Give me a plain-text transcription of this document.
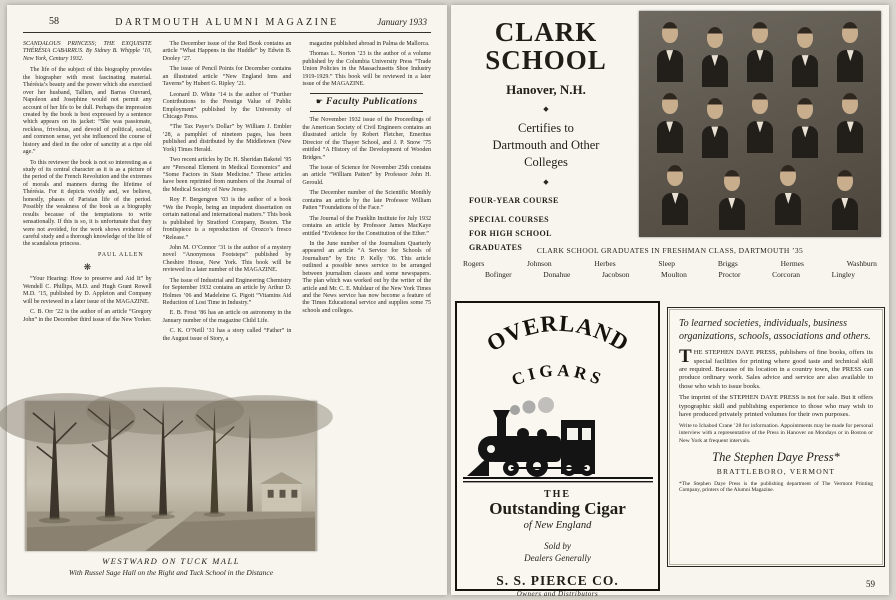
58	DARTMOUTH ALUMNI MAGAZINE	January 1933

SCANDALOUS PRINCESS; THE EXQUISITE THÉRÉSIA CABARRUS. By Sidney B. Whipple ’10, New York, Century 1932.

The life of the subject of this biography provides the biographer with most fascinating material. Thérésia’s beauty and the power which she exercised over her husband, Tallien, and Barras Ouvrard, Napoleon and Josephine would not permit any account of her life to be dull. Perhaps the impression created by the book is best expressed by a sentence which appears on its jacket: “She was passionate, reckless, frivolous, and devoid of political, social, and common sense, yet she influenced the course of history and died in the odor of sanctity at a ripe old age.”

To this reviewer the book is not so interesting as a study of its central character as it is as a picture of the period of the French Revolution and the extremes of morals and manners during the lifetime of Thérésia. For it depicts vividly and, we believe, honestly, phases of Parisian life of the period. Possibly the weakness of the book as a biography results because of the temptations to write sensationally. If this is so, it is unfortunate that they were not avoided, for the work shows evidence of careful study and a thorough knowledge of the life of the scandalous princess.

PAUL ALLEN

❋

“Your Hearing: How to preserve and Aid It” by Wendell C. Phillips, M.D. and Hugh Grant Rowell M.D. ’15, published by D. Appleton and Company will be reviewed in a later issue of the MAGAZINE.

C. B. Orr ’22 is the author of an article “Gregory John” in the December third issue of the New Yorker.

The December issue of the Red Book contains an article “What Happens in the Huddle” by Edwin B. Dooley ’27.

The issue of Pencil Points for December contains an illustrated article “New England Inns and Taverns” by Hubert G. Ripley ’21.

Leonard D. White ’14 is the author of “Further Contributions to the Prestige Value of Public Employment” published by the University of Chicago Press.

“The Tax Payer’s Dollar” by William J. Embler ’28, a pamphlet of nineteen pages, has been published and distributed by the Middletown (New York) Times Herald.

Two recent articles by Dr. H. Sheridan Baketel ’95 are “Personal Element in Medical Economics” and “Some Factors in State Medicine.” These articles have been reprinted from numbers of the Journal of the Medical Society of New Jersey.

Roy F. Bergengren ’03 is the author of a book “We the People, being an impudent dissertation on certain national and international matters.” This book is published by Stratford Company, Boston. The frontispiece is a reproduction of Orozco’s fresco “Release.”

John M. O’Connor ’31 is the author of a mystery novel “Anonymous Footsteps” published by Cheshire House, New York. This book will be reviewed in a later number of the MAGAZINE.

The issue of Industrial and Engineering Chemistry for September 1932 contains an article by Arthur D. Holmes ’06 and Madeleine G. Pigott “Vitamins Aid Reduction of Lost Time in Industry.”

E. B. Frost ’86 has an article on astronomy in the January number of the magazine Child Life.

C. K. O’Neill ’31 has a story called “Father” in the August issue of Story, a

magazine published abroad in Palma de Mallorca.

Thomas L. Norton ’23 is the author of a volume published by the Columbia University Press “Trade Union Policies in the Massachusetts Shoe Industry 1919-1929.” This book will be reviewed in a later issue of the MAGAZINE.

☛ Faculty Publications

The November 1932 issue of the Proceedings of the American Society of Civil Engineers contains an illustrated article by Robert Fletcher, Emeritus Director of the Thayer School, and J. P. Snow ’75 entitled “A History of the Development of Wooden Bridges.”

The issue of Science for November 25th contains an article “William Patten” by Professor John H. Gerould.

The December number of the Scientific Monthly contains an article by the late Professor William Patten “Foundations of the Face.”

The Journal of the Franklin Institute for July 1932 contains an article by Professor James MacKaye entitled “Evidence for the Constitution of the Ether.”

In the June number of the Journalism Quarterly appeared an article “A Service for Schools of Journalism” by Eric P. Kelly ’06. This article outlined a possible news service to be arranged between journalism classes and some newspapers. The plan which was worked out by the writer of the article and Mr. C. E. Muldaur of the New York Times and the News service has now become a feature of the Times Educational service and supplies some 75 schools and colleges.

WESTWARD ON TUCK MALL
With Russel Sage Hall on the Right and Tuck School in the Distance
CLARK
SCHOOL
Hanover, N.H.
◆
Certifies to Dartmouth and Other Colleges
◆
FOUR-YEAR COURSE
SPECIAL COURSES FOR HIGH SCHOOL GRADUATES	CLARK SCHOOL GRADUATES IN FRESHMAN CLASS, DARTMOUTH ’35
Rogers	Johnson	Herbes	Sleep	Briggs	Hermes	Washburn
Bofinger	Donahue	Jacobson	Moulton	Proctor	Corcoran	Lingley
OVERLAND
CIGARS
THE
Outstanding Cigar
of New England
Sold by
Dealers Generally
S. S. PIERCE CO.
Owners and Distributors
To learned societies, individuals, business organizations, schools, associations and others.

THE STEPHEN DAYE PRESS, publishers of fine books, offers its special facilities for printing where good taste and technical skill are required. Because of its location in a country town, the PRESS can produce ordinary work. Sales advice and service are also available to those who wish to issue books.

The imprint of the STEPHEN DAYE PRESS is not for sale. But it offers typographic skill and publishing experience to those who may wish to have produced privately printed volumes for their own purposes.

Write to Ichabod Crane ’28 for information. Appointments may be made for personal interview with a representative of the Press in Hanover on Mondays or in Boston or New York at frequent intervals.
The Stephen Daye Press*
BRATTLEBORO, VERMONT
*The Stephen Daye Press is the publishing department of The Vermont Printing Company, printers of the Alumni Magazine.
59
